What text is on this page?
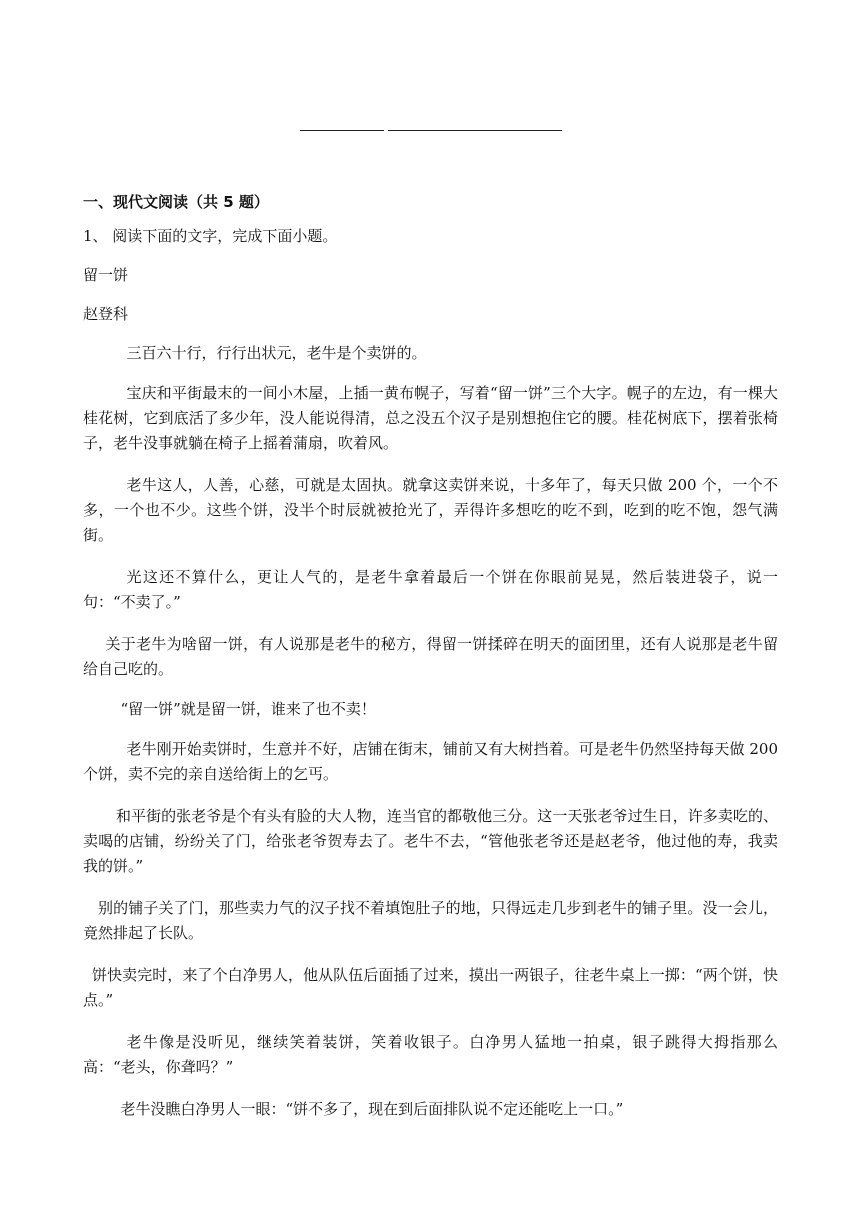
一、现代文阅读（共 5 题）
1、 阅读下面的文字，完成下面小题。
留一饼
赵登科
三百六十行，行行出状元，老牛是个卖饼的。
宝庆和平街最末的一间小木屋，上插一黄布幌子，写着“留一饼”三个大字。幌子的左边，有一棵大桂花树，它到底活了多少年，没人能说得清，总之没五个汉子是别想抱住它的腰。桂花树底下，摆着张椅子，老牛没事就躺在椅子上摇着蒲扇，吹着风。
老牛这人，人善，心慈，可就是太固执。就拿这卖饼来说，十多年了，每天只做 200 个，一个不多，一个也不少。这些个饼，没半个时辰就被抢光了，弄得许多想吃的吃不到，吃到的吃不饱，怨气满街。
光这还不算什么，更让人气的，是老牛拿着最后一个饼在你眼前晃晃，然后装进袋子，说一句：“不卖了。”
关于老牛为啥留一饼，有人说那是老牛的秘方，得留一饼揉碎在明天的面团里，还有人说那是老牛留给自己吃的。
“留一饼”就是留一饼，谁来了也不卖！
老牛刚开始卖饼时，生意并不好，店铺在街末，铺前又有大树挡着。可是老牛仍然坚持每天做 200 个饼，卖不完的亲自送给街上的乞丐。
和平街的张老爷是个有头有脸的大人物，连当官的都敬他三分。这一天张老爷过生日，许多卖吃的、卖喝的店铺，纷纷关了门，给张老爷贺寿去了。老牛不去，“管他张老爷还是赵老爷，他过他的寿，我卖我的饼。”
别的铺子关了门，那些卖力气的汉子找不着填饱肚子的地，只得远走几步到老牛的铺子里。没一会儿，竟然排起了长队。
饼快卖完时，来了个白净男人，他从队伍后面插了过来，摸出一两银子，往老牛桌上一掷：“两个饼，快点。”
老牛像是没听见，继续笑着装饼，笑着收银子。白净男人猛地一拍桌，银子跳得大拇指那么高：“老头，你聋吗？”
老牛没瞧白净男人一眼：“饼不多了，现在到后面排队说不定还能吃上一口。”
